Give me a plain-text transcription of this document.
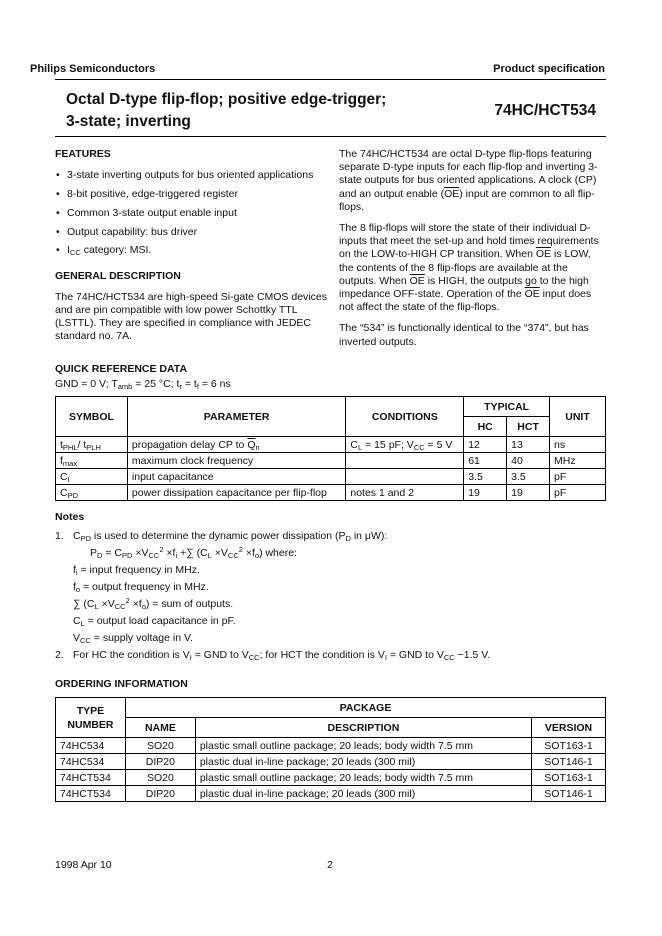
Philips Semiconductors	Product specification
Octal D-type flip-flop; positive edge-trigger;
3-state; inverting
74HC/HCT534
FEATURES
• 3-state inverting outputs for bus oriented applications
• 8-bit positive, edge-triggered register
• Common 3-state output enable input
• Output capability: bus driver
• $I_{CC}$ category: MSI.
GENERAL DESCRIPTION

The 74HC/HCT534 are high-speed Si-gate CMOS devices and are pin compatible with low power Schottky TTL (LSTTL). They are specified in compliance with JEDEC standard no. 7A.

The 74HC/HCT534 are octal D-type flip-flops featuring separate D-type inputs for each flip-flop and inverting 3-state outputs for bus oriented applications. A clock (CP) and an output enable $(\overline{OE})$ input are common to all flip-flops.

The 8 flip-flops will store the state of their individual D-inputs that meet the set-up and hold times requirements on the LOW-to-HIGH CP transition. When $\overline{OE}$ is LOW, the contents of the 8 flip-flops are available at the outputs. When $\overline{OE}$ is HIGH, the outputs go to the high impedance OFF-state. Operation of the $\overline{OE}$ input does not affect the state of the flip-flops.

The “534” is functionally identical to the “374”, but has inverted outputs.

QUICK REFERENCE DATA
GND = 0 V; $T_{amb} = 25$ °C; $t_r = t_f = 6$ ns
SYMBOL	PARAMETER	CONDITIONS	TYPICAL		UNIT
			HC	HCT	
$t_{PHL}/$ $t_{PLH}$	propagation delay CP to $\overline{Q}_n$	$C_L = 15$ pF; $V_{CC} = 5$ V	12	13	ns
$f_{max}$	maximum clock frequency		61	40	MHz
$C_I$	input capacitance		3.5	3.5	pF
$C_{PD}$	power dissipation capacitance per flip-flop	notes 1 and 2	19	19	pF
Notes
1. $C_{PD}$ is used to determine the dynamic power dissipation ($P_D$ in μW):
$P_D = C_{PD} \times V_{CC}^2 \times f_i$ +∑ $(C_L \times V_{CC}^2 \times f_o)$ where:
$f_i$ = input frequency in MHz.
$f_o$ = output frequency in MHz.
∑ $(C_L \times V_{CC}^2 \times f_o)$ = sum of outputs.
$C_L$ = output load capacitance in pF.
$V_{CC}$ = supply voltage in V.
2. For HC the condition is $V_I$ = GND to $V_{CC}$; for HCT the condition is $V_I$ = GND to $V_{CC} -1.5$ V.
ORDERING INFORMATION
TYPE NUMBER	PACKAGE		
	NAME	DESCRIPTION	VERSION
74HC534	SO20	plastic small outline package; 20 leads; body width 7.5 mm	SOT163-1
74HC534	DIP20	plastic dual in-line package; 20 leads (300 mil)	SOT146-1
74HCT534	SO20	plastic small outline package; 20 leads; body width 7.5 mm	SOT163-1
74HCT534	DIP20	plastic dual in-line package; 20 leads (300 mil)	SOT146-1
1998 Apr 10	2
